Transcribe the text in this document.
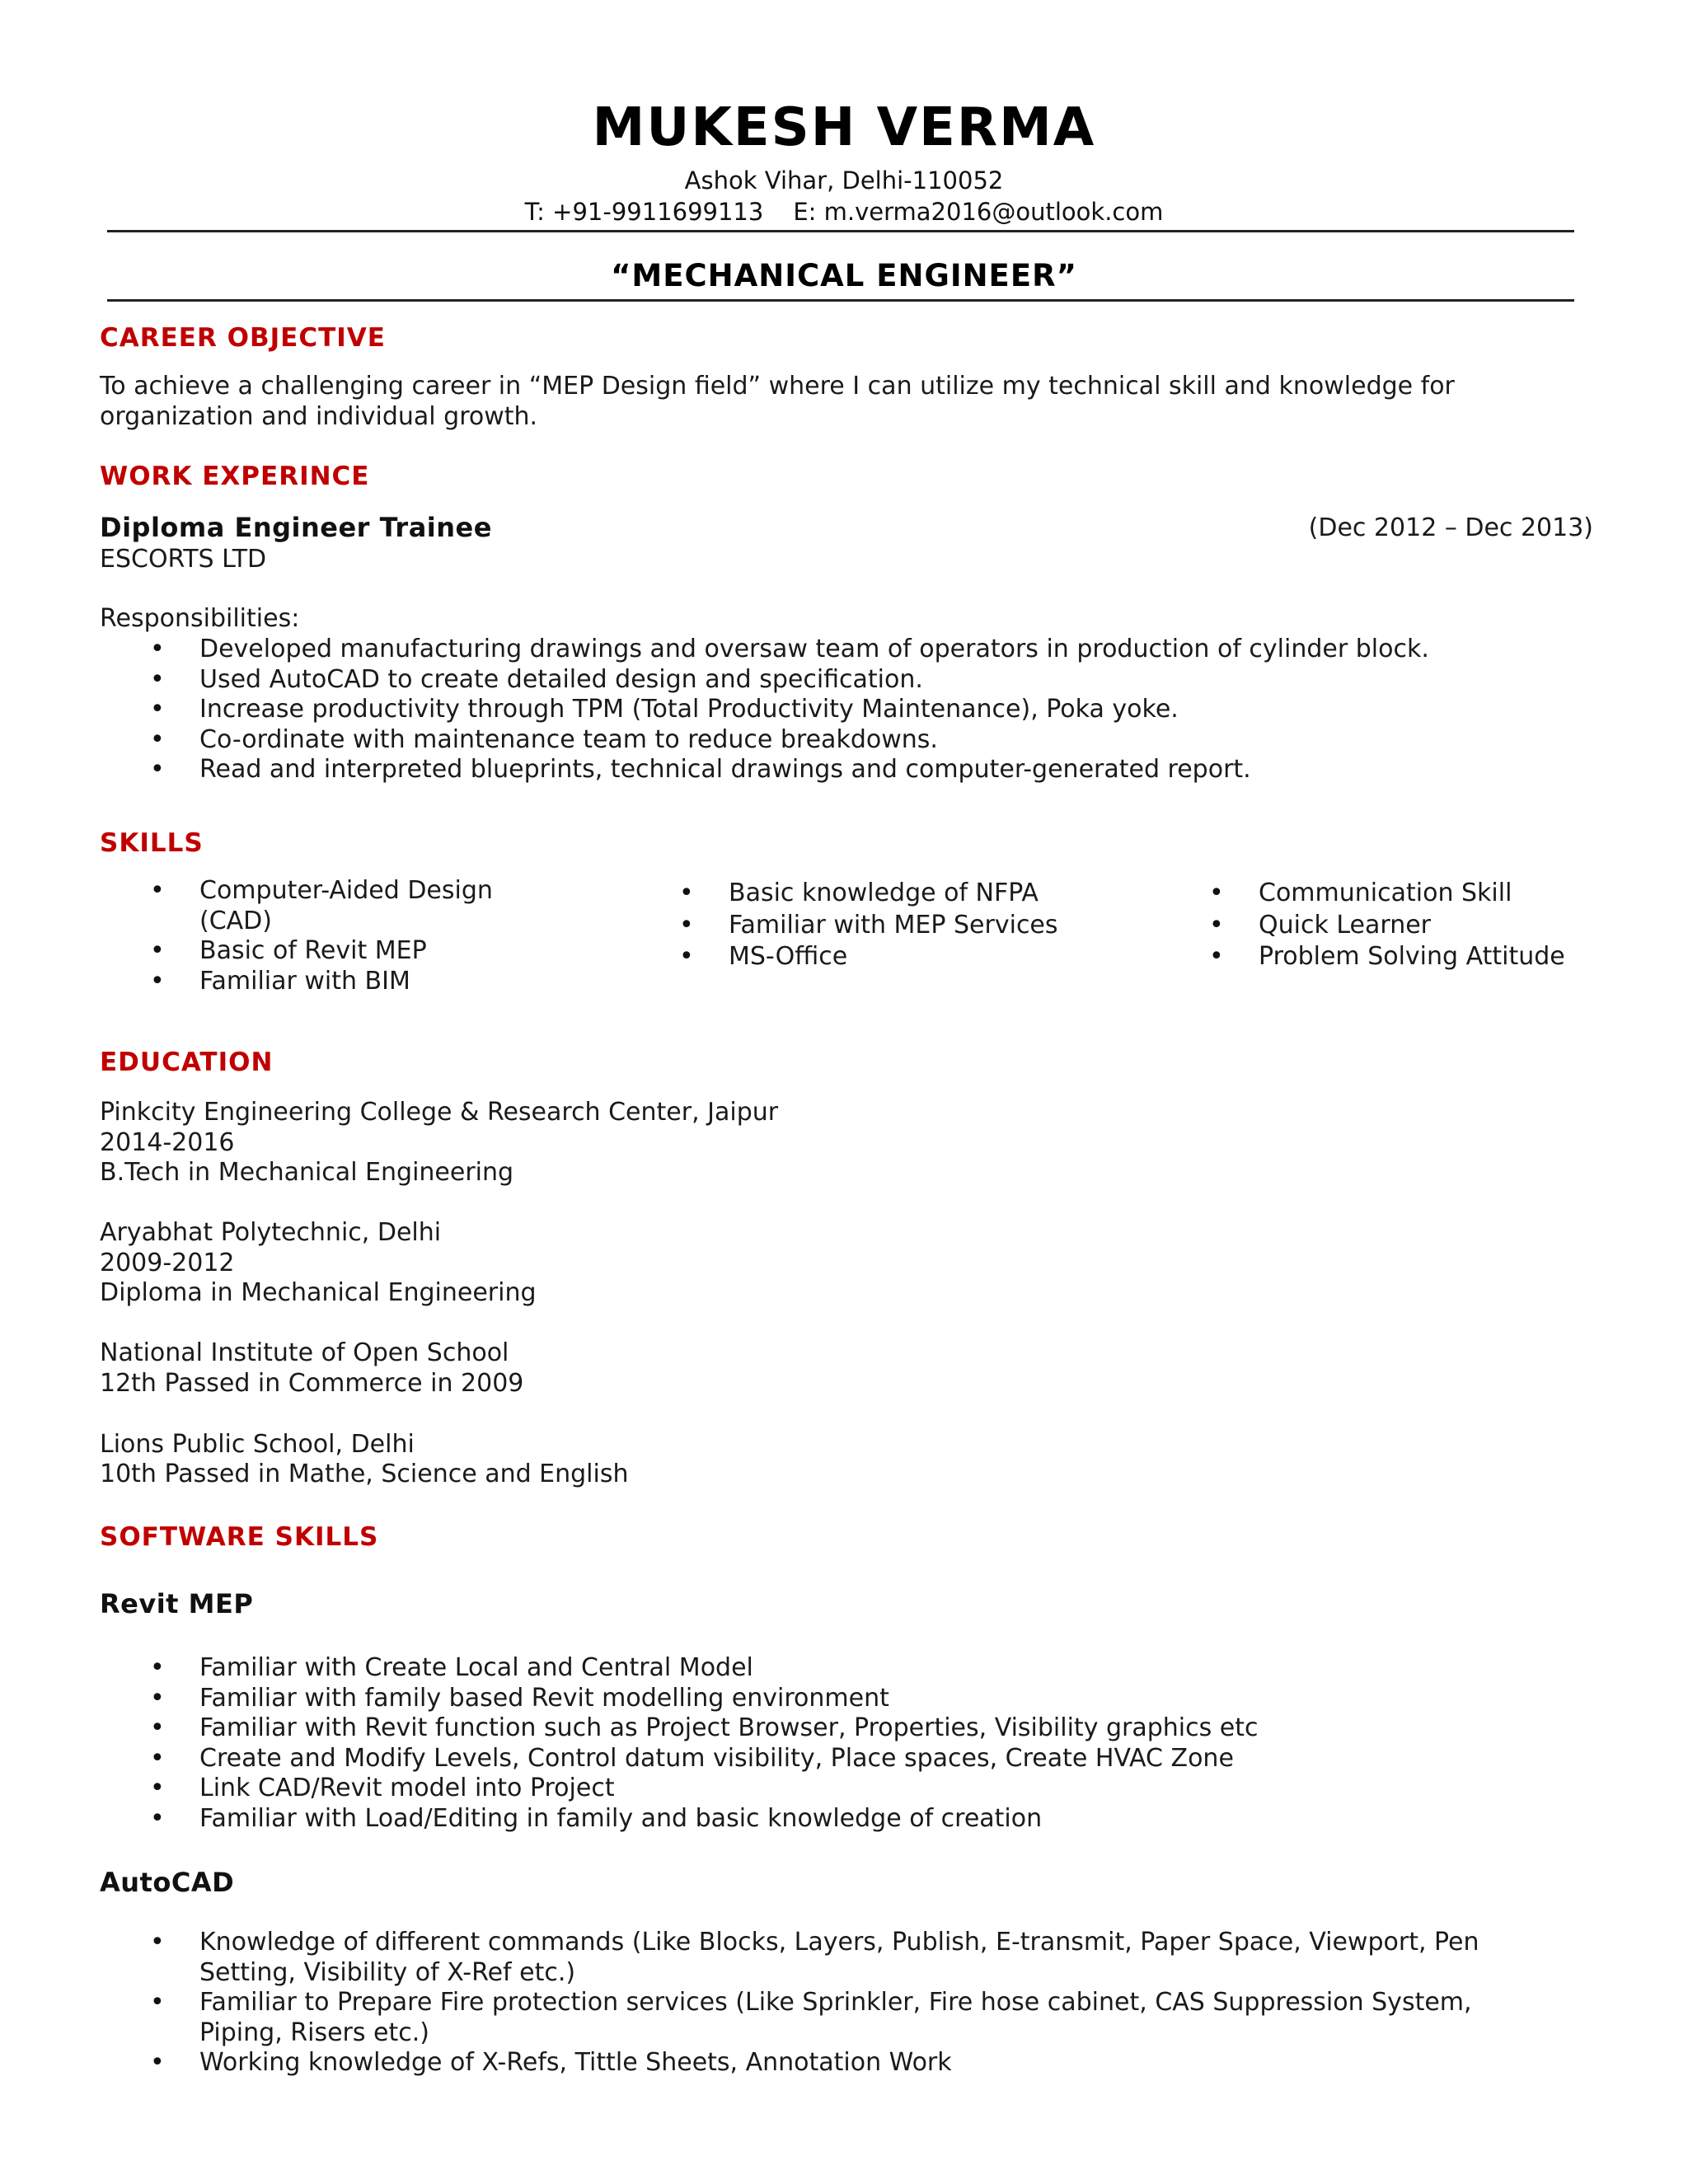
MUKESH VERMA
Ashok Vihar, Delhi-110052
T: +91-9911699113 E: m.verma2016@outlook.com
“MECHANICAL ENGINEER”
CAREER OBJECTIVE
To achieve a challenging career in “MEP Design field” where I can utilize my technical skill and knowledge for
organization and individual growth.
WORK EXPERINCE
Diploma Engineer Trainee	(Dec 2012 – Dec 2013)
ESCORTS LTD
Responsibilities:
• Developed manufacturing drawings and oversaw team of operators in production of cylinder block.
• Used AutoCAD to create detailed design and specification.
• Increase productivity through TPM (Total Productivity Maintenance), Poka yoke.
• Co-ordinate with maintenance team to reduce breakdowns.
• Read and interpreted blueprints, technical drawings and computer-generated report.
SKILLS
• Computer-Aided Design (CAD)
• Basic of Revit MEP
• Familiar with BIM
• Basic knowledge of NFPA
• Familiar with MEP Services
• MS-Office
• Communication Skill
• Quick Learner
• Problem Solving Attitude
EDUCATION
Pinkcity Engineering College & Research Center, Jaipur
2014-2016
B.Tech in Mechanical Engineering
Aryabhat Polytechnic, Delhi
2009-2012
Diploma in Mechanical Engineering
National Institute of Open School
12th Passed in Commerce in 2009
Lions Public School, Delhi
10th Passed in Mathe, Science and English
SOFTWARE SKILLS
Revit MEP
• Familiar with Create Local and Central Model
• Familiar with family based Revit modelling environment
• Familiar with Revit function such as Project Browser, Properties, Visibility graphics etc
• Create and Modify Levels, Control datum visibility, Place spaces, Create HVAC Zone
• Link CAD/Revit model into Project
• Familiar with Load/Editing in family and basic knowledge of creation
AutoCAD
• Knowledge of different commands (Like Blocks, Layers, Publish, E-transmit, Paper Space, Viewport, Pen Setting, Visibility of X-Ref etc.)
• Familiar to Prepare Fire protection services (Like Sprinkler, Fire hose cabinet, CAS Suppression System, Piping, Risers etc.)
• Working knowledge of X-Refs, Tittle Sheets, Annotation Work
